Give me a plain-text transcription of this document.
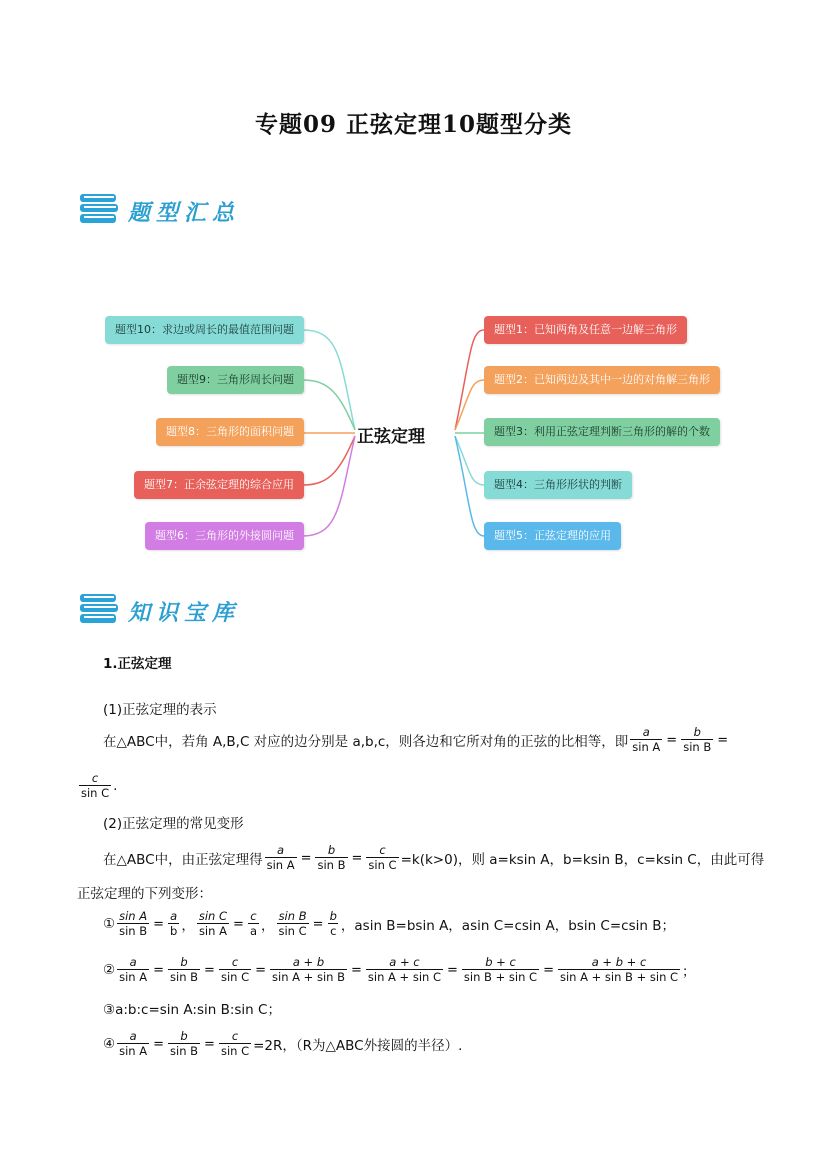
专题09 正弦定理10题型分类
题型汇总
正弦定理
题型1：已知两角及任意一边解三角形
题型2：已知两边及其中一边的对角解三角形
题型3：利用正弦定理判断三角形的解的个数
题型4：三角形形状的判断
题型5：正弦定理的应用
题型10：求边或周长的最值范围问题
题型9：三角形周长问题
题型8：三角形的面积问题
题型7：正余弦定理的综合应用
题型6：三角形的外接圆问题
知识宝库
1.正弦定理
(1)正弦定理的表示
在△ABC中，若角 A,B,C 对应的边分别是 a,b,c，则各边和它所对角的正弦的比相等，即 $\frac{a}{\text{sin A}} = \frac{b}{\text{sin B}}$ =
$\frac{c}{\text{sin C}}$ .
(2)正弦定理的常见变形
在△ABC中，由正弦定理得 $\frac{a}{\text{sin A}} = \frac{b}{\text{sin B}} = \frac{c}{\text{sin C}} =k(k>0)$，则 a=ksin A，b=ksin B，c=ksin C，由此可得
正弦定理的下列变形：
① $\frac{\text{sin A}}{\text{sin B}} = \frac{a}{b}$ ， $\frac{\text{sin C}}{\text{sin A}} = \frac{c}{a}$ ， $\frac{\text{sin B}}{\text{sin C}} = \frac{b}{c}$ ，asin B=bsin A，asin C=csin A，bsin C=csin B；
② $\frac{a}{\text{sin A}} = \frac{b}{\text{sin B}} = \frac{c}{\text{sin C}} = \frac{a + b}{\text{sin A + sin B}} = \frac{a + c}{\text{sin A + sin C}} = \frac{b + c}{\text{sin B + sin C}} = \frac{a + b + c}{\text{sin A + sin B + sin C}}$ ；
③a:b:c=sin A:sin B:sin C；
④ $\frac{a}{\text{sin A}} = \frac{b}{\text{sin B}} = \frac{c}{\text{sin C}} =2R$，（R为△ABC外接圆的半径）.
